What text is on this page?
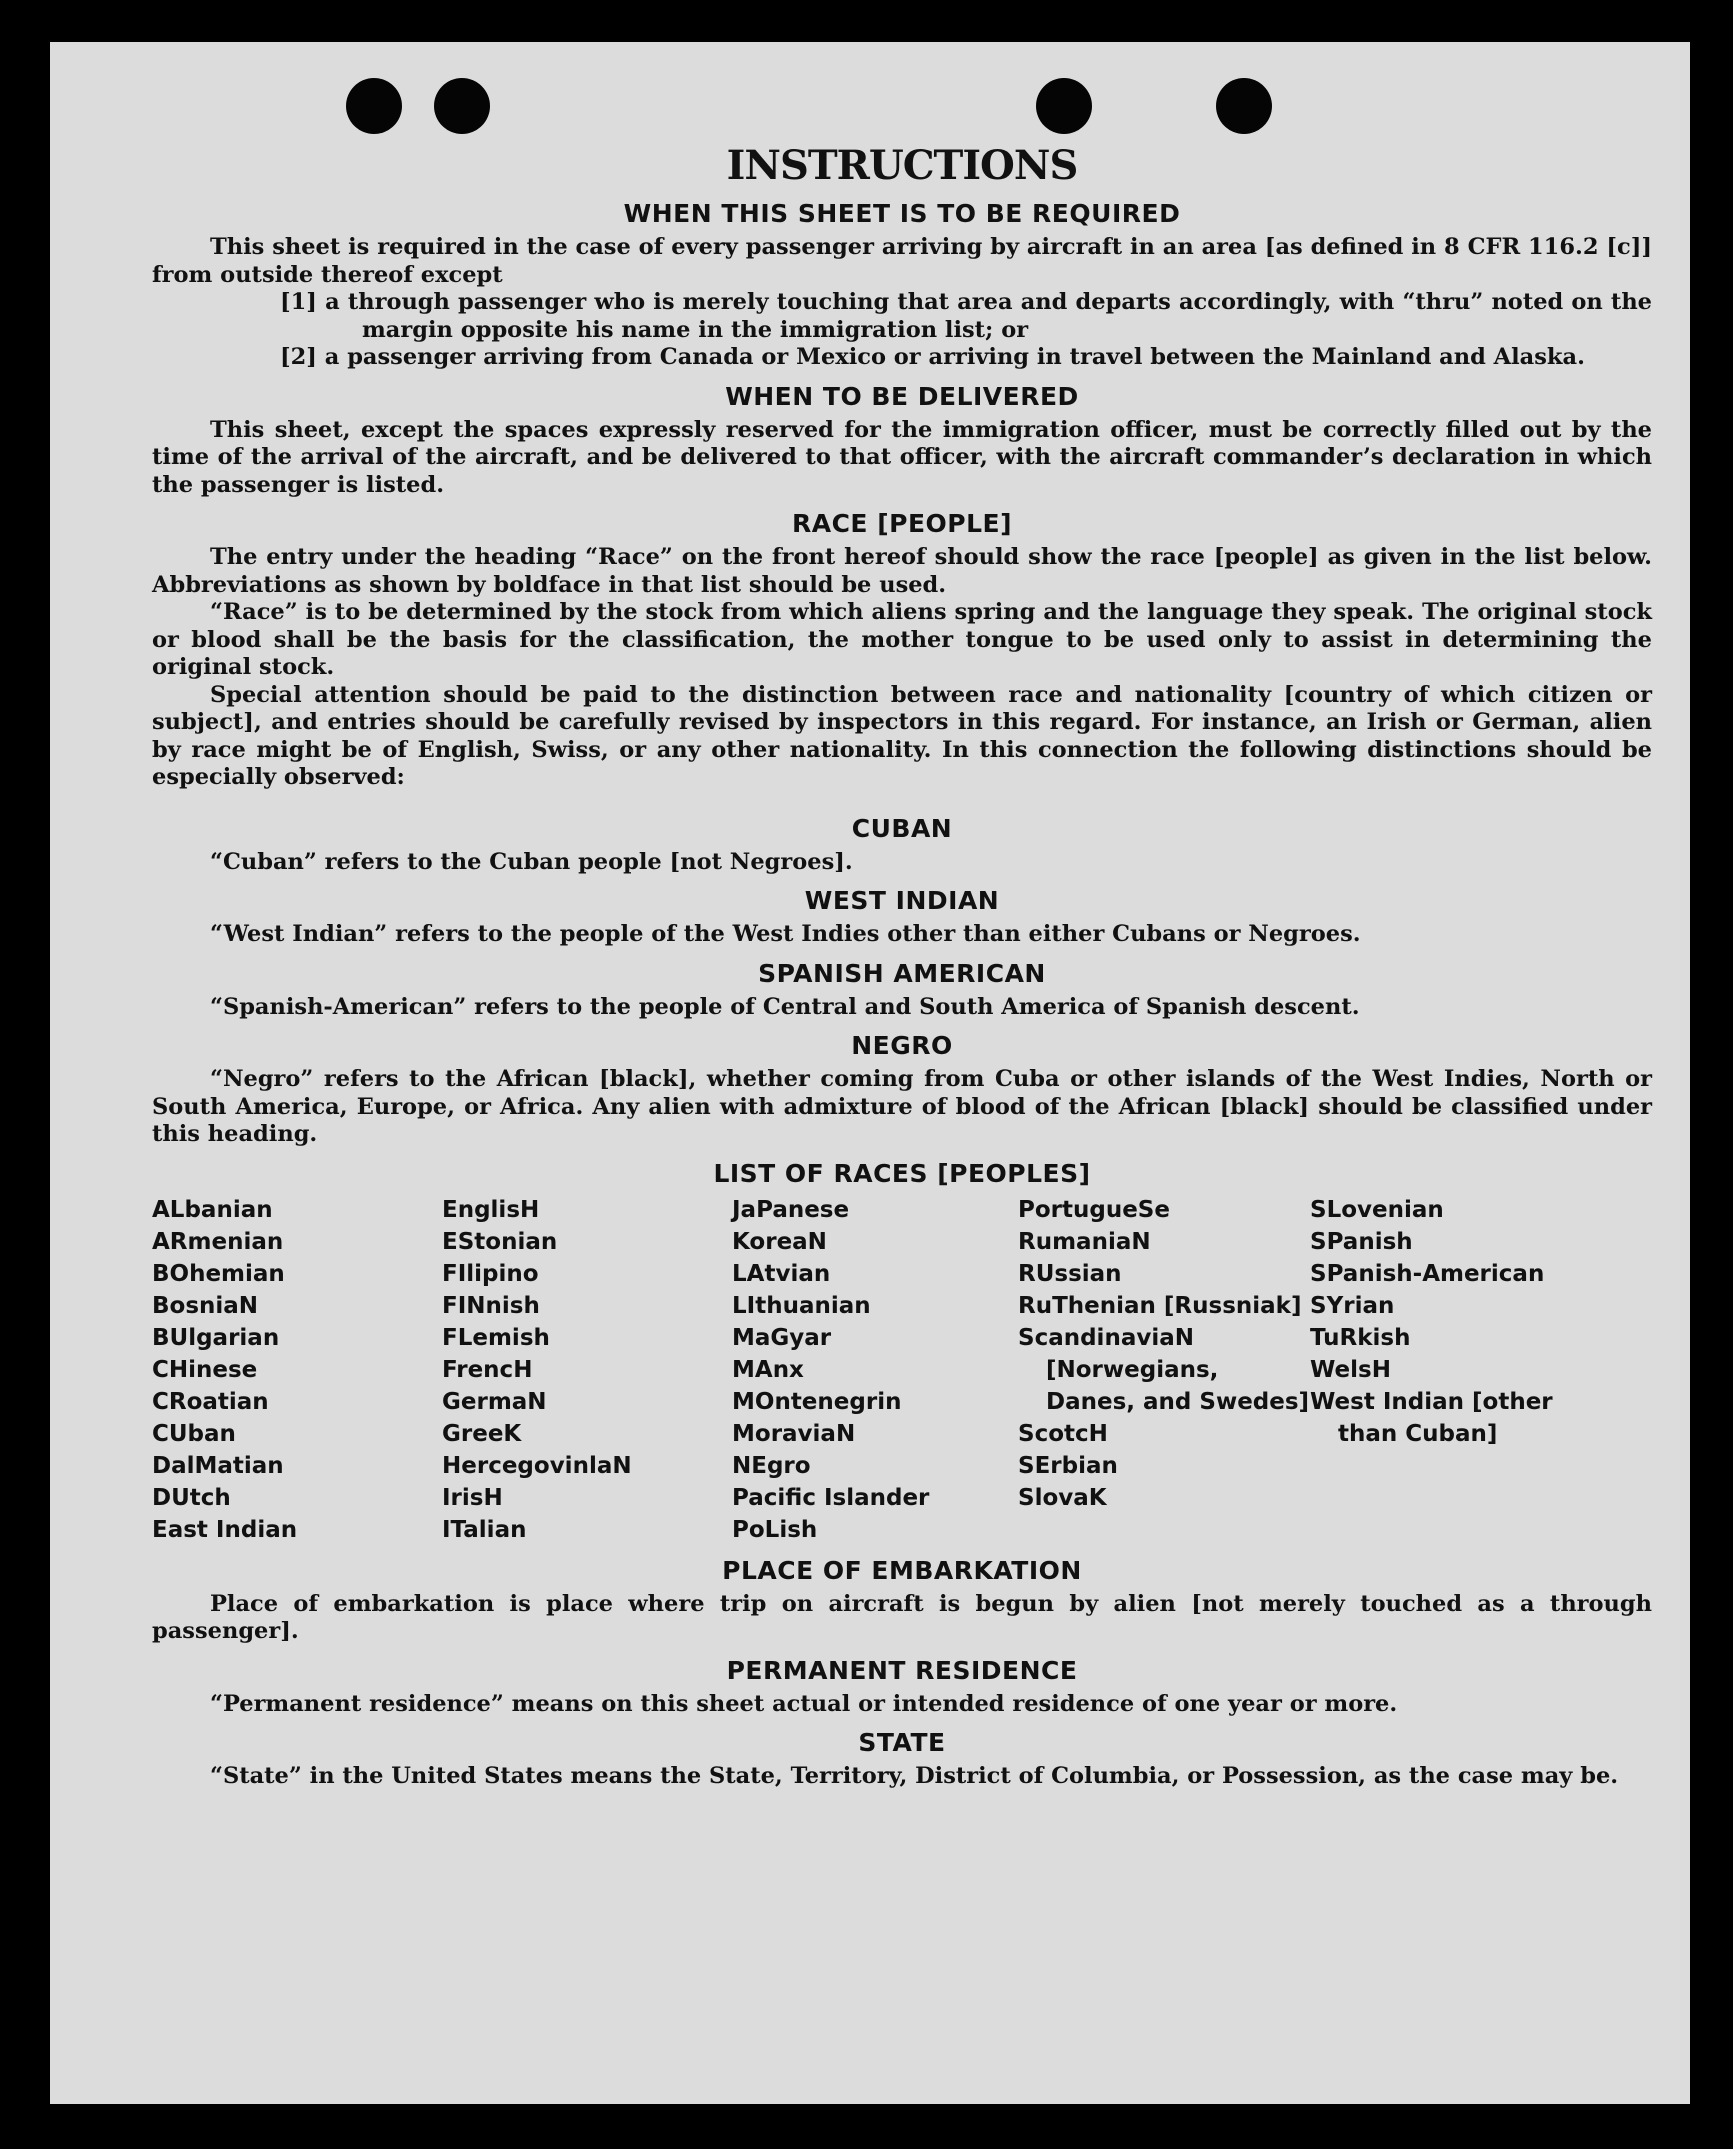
INSTRUCTIONS
WHEN THIS SHEET IS TO BE REQUIRED

This sheet is required in the case of every passenger arriving by aircraft in an area [as defined in 8 CFR 116.2 [c]] from outside thereof except

[1] a through passenger who is merely touching that area and departs accordingly, with “thru” noted on the margin opposite his name in the immigration list; or

[2] a passenger arriving from Canada or Mexico or arriving in travel between the Mainland and Alaska.

WHEN TO BE DELIVERED

This sheet, except the spaces expressly reserved for the immigration officer, must be correctly filled out by the time of the arrival of the aircraft, and be delivered to that officer, with the aircraft commander’s declaration in which the passenger is listed.

RACE [PEOPLE]

The entry under the heading “Race” on the front hereof should show the race [people] as given in the list below. Abbreviations as shown by boldface in that list should be used.

“Race” is to be determined by the stock from which aliens spring and the language they speak. The original stock or blood shall be the basis for the classification, the mother tongue to be used only to assist in determining the original stock.

Special attention should be paid to the distinction between race and nationality [country of which citizen or subject], and entries should be carefully revised by inspectors in this regard. For instance, an Irish or German, alien by race might be of English, Swiss, or any other nationality. In this connection the following distinctions should be especially observed:

CUBAN

“Cuban” refers to the Cuban people [not Negroes].

WEST INDIAN

“West Indian” refers to the people of the West Indies other than either Cubans or Negroes.

SPANISH AMERICAN

“Spanish-American” refers to the people of Central and South America of Spanish descent.

NEGRO

“Negro” refers to the African [black], whether coming from Cuba or other islands of the West Indies, North or South America, Europe, or Africa. Any alien with admixture of blood of the African [black] should be classified under this heading.

LIST OF RACES [PEOPLES]
ALbanian
ARmenian
BOhemian
BosniaN
BUlgarian
CHinese
CRoatian
CUban
DalMatian
DUtch
East Indian
EnglisH
EStonian
FIlipino
FINnish
FLemish
FrencH
GermaN
GreeK
HercegovinlaN
IrisH
ITalian
JaPanese
KoreaN
LAtvian
LIthuanian
MaGyar
MAnx
MOntenegrin
MoraviaN
NEgro
Pacific Islander
PoLish
PortugueSe
RumaniaN
RUssian
RuThenian [Russniak]
ScandinaviaN [Norwegians, Danes, and Swedes]
ScotcH
SErbian
SlovaK
SLovenian
SPanish
SPanish-American
SYrian
TuRkish
WelsH
West Indian [other than Cuban]
PLACE OF EMBARKATION

Place of embarkation is place where trip on aircraft is begun by alien [not merely touched as a through passenger].

PERMANENT RESIDENCE

“Permanent residence” means on this sheet actual or intended residence of one year or more.

STATE

“State” in the United States means the State, Territory, District of Columbia, or Possession, as the case may be.
